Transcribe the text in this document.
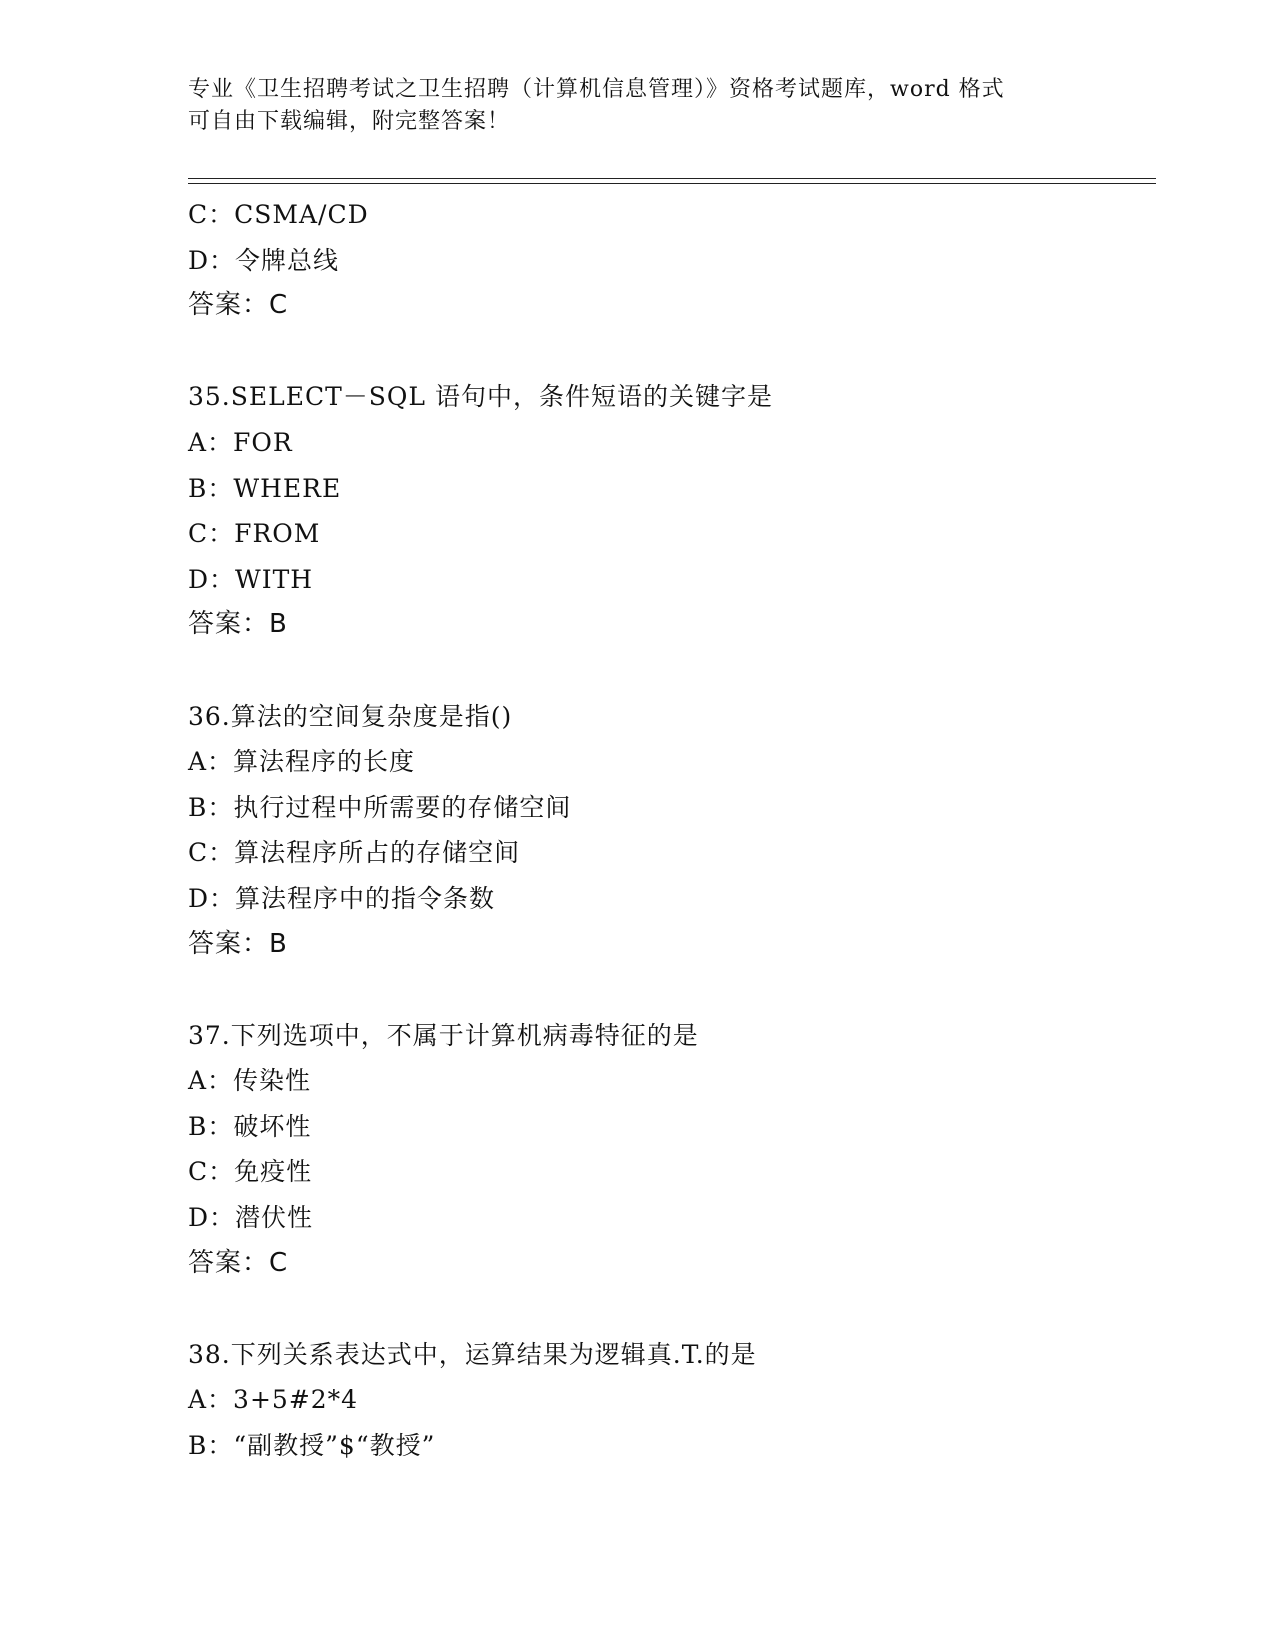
专业《卫生招聘考试之卫生招聘（计算机信息管理）》资格考试题库，word 格式
可自由下载编辑，附完整答案！
C：CSMA/CD
D：令牌总线
答案：C
35.SELECT－SQL 语句中，条件短语的关键字是
A：FOR
B：WHERE
C：FROM
D：WITH
答案：B
36.算法的空间复杂度是指()
A：算法程序的长度
B：执行过程中所需要的存储空间
C：算法程序所占的存储空间
D：算法程序中的指令条数
答案：B
37.下列选项中，不属于计算机病毒特征的是
A：传染性
B：破坏性
C：免疫性
D：潜伏性
答案：C
38.下列关系表达式中，运算结果为逻辑真.T.的是
A：3+5#2*4
B：“副教授”$“教授”
